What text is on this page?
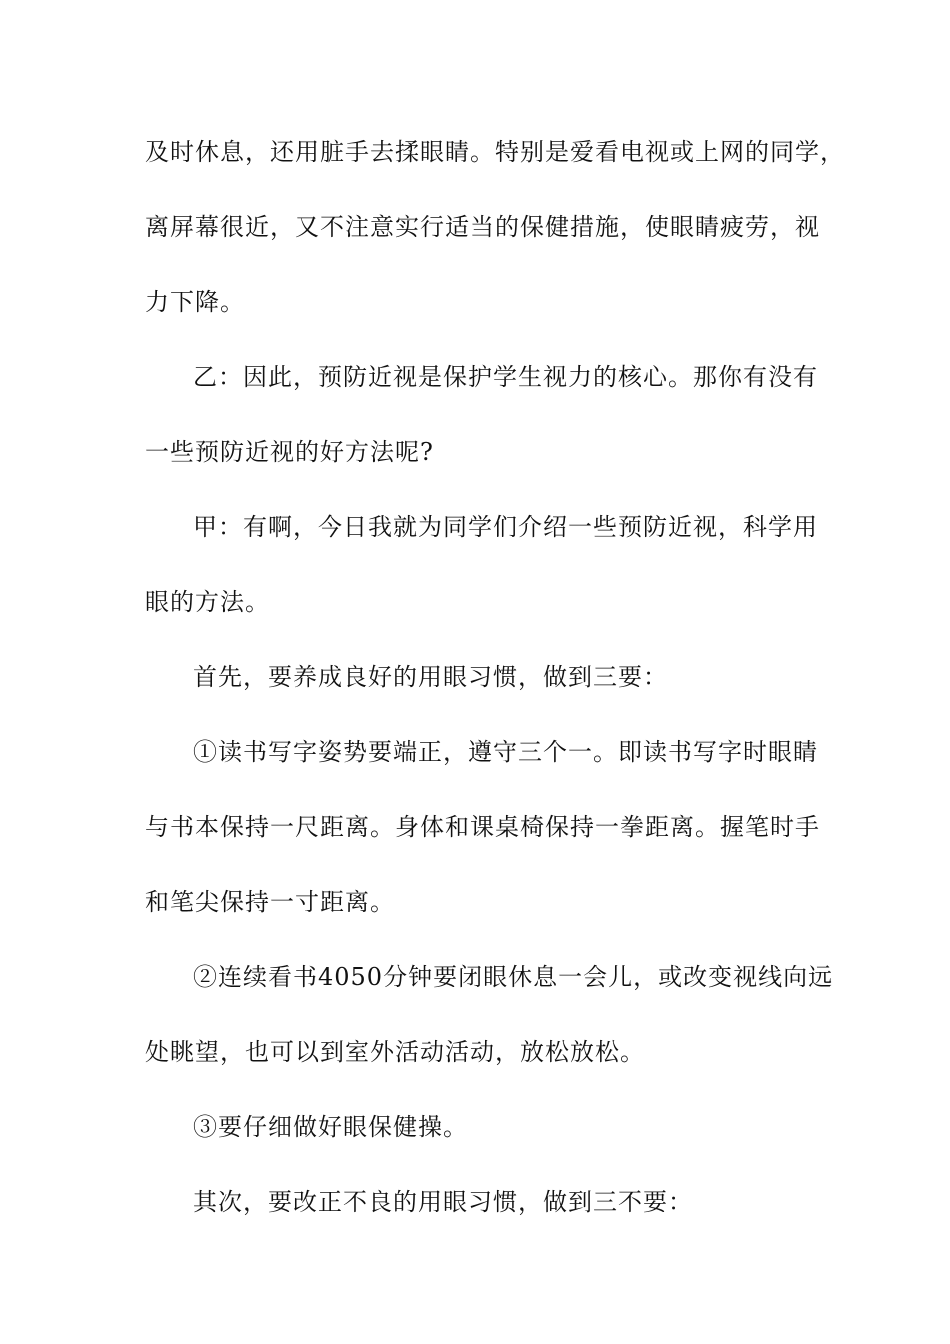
及时休息，还用脏手去揉眼睛。特别是爱看电视或上网的同学，
离屏幕很近，又不注意实行适当的保健措施，使眼睛疲劳，视
力下降。
乙：因此，预防近视是保护学生视力的核心。那你有没有
一些预防近视的好方法呢?
甲：有啊，今日我就为同学们介绍一些预防近视，科学用
眼的方法。
首先，要养成良好的用眼习惯，做到三要：
①读书写字姿势要端正，遵守三个一。即读书写字时眼睛
与书本保持一尺距离。身体和课桌椅保持一拳距离。握笔时手
和笔尖保持一寸距离。
②连续看书4050分钟要闭眼休息一会儿，或改变视线向远
处眺望，也可以到室外活动活动，放松放松。
③要仔细做好眼保健操。
其次，要改正不良的用眼习惯，做到三不要：
